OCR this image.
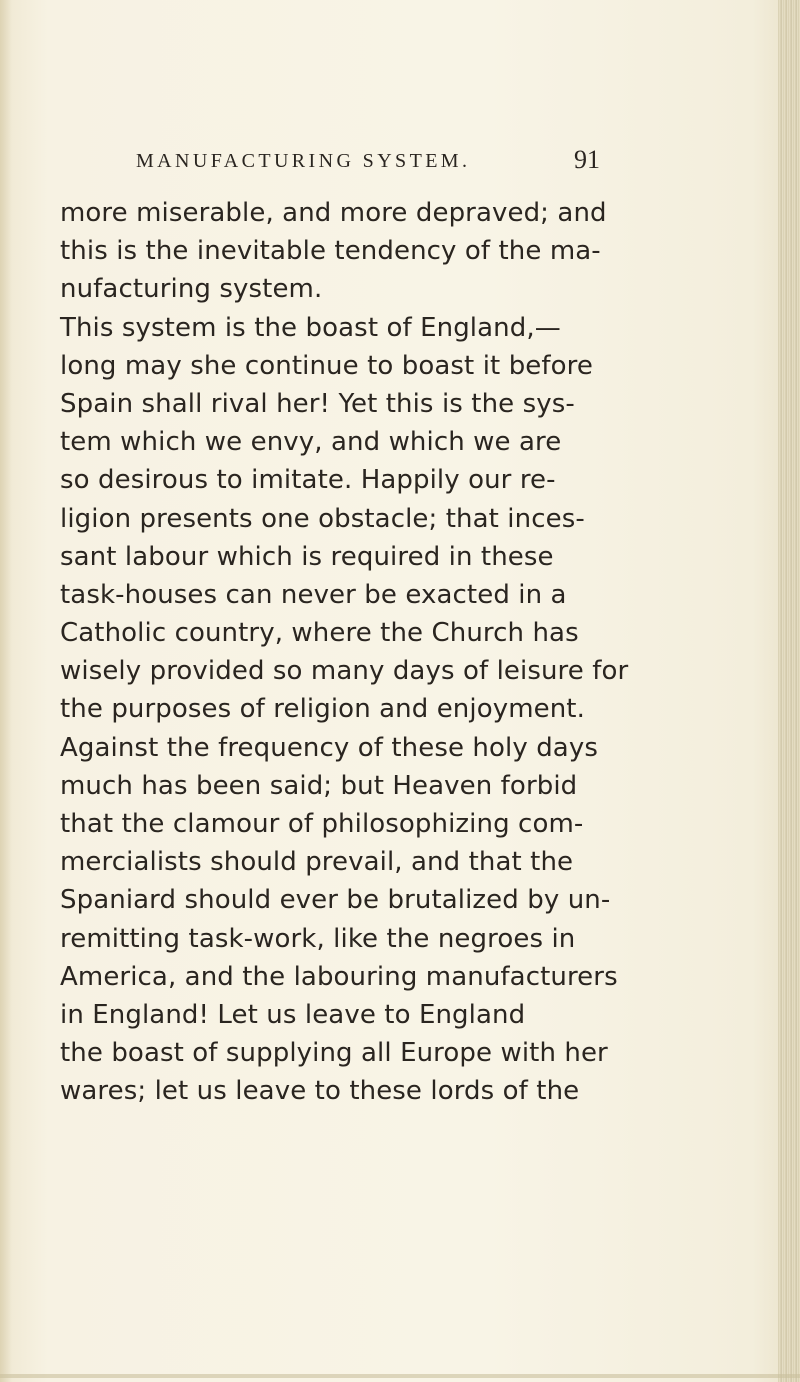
MANUFACTURING SYSTEM.	91
more miserable, and more depraved; and
this is the inevitable tendency of the ma-
nufacturing system.
This system is the boast of England,—
long may she continue to boast it before
Spain shall rival her! Yet this is the sys-
tem which we envy, and which we are
so desirous to imitate. Happily our re-
ligion presents one obstacle; that inces-
sant labour which is required in these
task-houses can never be exacted in a
Catholic country, where the Church has
wisely provided so many days of leisure for
the purposes of religion and enjoyment.
Against the frequency of these holy days
much has been said; but Heaven forbid
that the clamour of philosophizing com-
mercialists should prevail, and that the
Spaniard should ever be brutalized by un-
remitting task-work, like the negroes in
America, and the labouring manufacturers
in England! Let us leave to England
the boast of supplying all Europe with her
wares; let us leave to these lords of the
